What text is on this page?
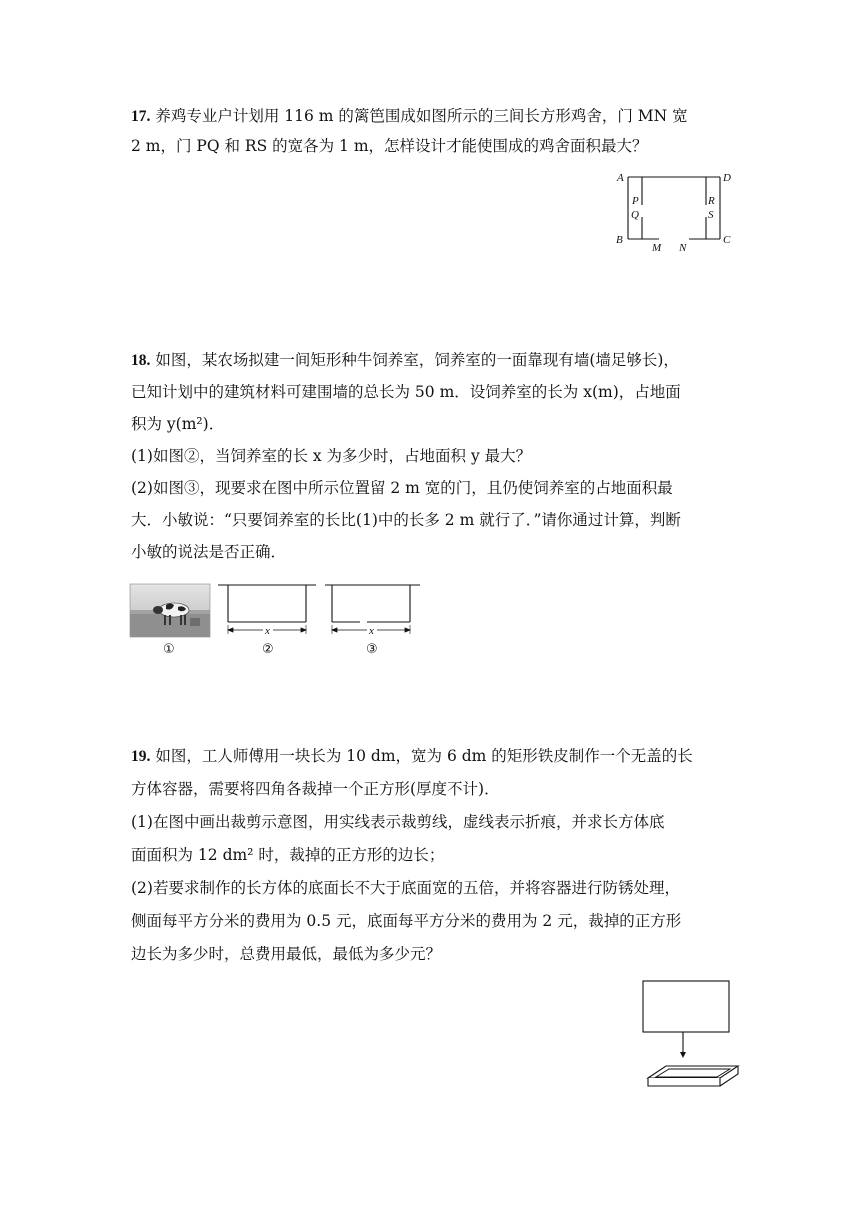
17. 养鸡专业户计划用 116 m 的篱笆围成如图所示的三间长方形鸡舍，门 MN 宽

2 m，门 PQ 和 RS 的宽各为 1 m，怎样设计才能使围成的鸡舍面积最大？

A	D
P
Q
R
S
B	C
M N

18. 如图，某农场拟建一间矩形种牛饲养室，饲养室的一面靠现有墙(墙足够长)，

已知计划中的建筑材料可建围墙的总长为 50 m．设饲养室的长为 x(m)，占地面

积为 y(m²)．

(1)如图②，当饲养室的长 x 为多少时，占地面积 y 最大？

(2)如图③，现要求在图中所示位置留 2 m 宽的门，且仍使饲养室的占地面积最

大．小敏说：“只要饲养室的长比(1)中的长多 2 m 就行了．”请你通过计算，判断

小敏的说法是否正确．

x	x
①	②	③

19. 如图，工人师傅用一块长为 10 dm，宽为 6 dm 的矩形铁皮制作一个无盖的长

方体容器，需要将四角各裁掉一个正方形(厚度不计)．

(1)在图中画出裁剪示意图，用实线表示裁剪线，虚线表示折痕，并求长方体底

面面积为 12 dm² 时，裁掉的正方形的边长；

(2)若要求制作的长方体的底面长不大于底面宽的五倍，并将容器进行防锈处理，

侧面每平方分米的费用为 0.5 元，底面每平方分米的费用为 2 元，裁掉的正方形

边长为多少时，总费用最低，最低为多少元？
